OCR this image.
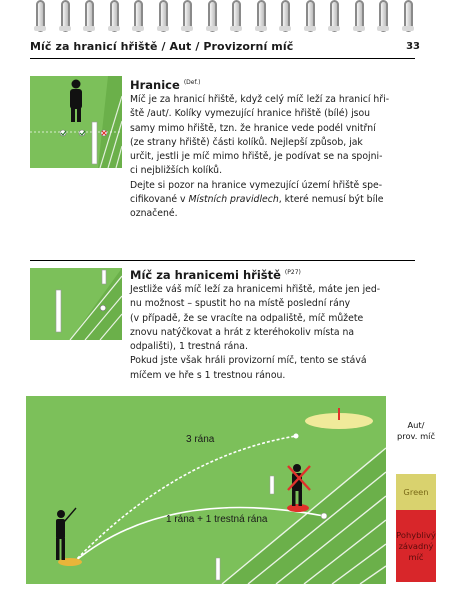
Míč za hranicí hřiště / Aut / Provizorní míč	33
Hranice $^{(Def.)}$
Míč je za hranicí hřiště, když celý míč leží za hranicí hři-
ště /aut/. Kolíky vymezující hranice hřiště (bílé) jsou
samy mimo hřiště, tzn. že hranice vede podél vnitřní
(ze strany hřiště) části kolíků. Nejlepší způsob, jak
určit, jestli je míč mimo hřiště, je podívat se na spojni-
ci nejbližších kolíků.
Dejte si pozor na hranice vymezující území hřiště spe-
cifikované v Místních pravidlech, které nemusí být bíle
označené.
Míč za hranicemi hřiště $^{(P27)}$
Jestliže váš míč leží za hranicemi hřiště, máte jen jed-
nu možnost – spustit ho na místě poslední rány
(v případě, že se vracíte na odpaliště, míč můžete
znovu natýčkovat a hrát z kteréhokoliv místa na
odpališti), 1 trestná rána.
Pokud jste však hráli provizorní míč, tento se stává
míčem ve hře s 1 trestnou ránou.
3 rána
1 rána + 1 trestná rána
Aut/ prov. míč
Green
Pohyblivý závadný míč
